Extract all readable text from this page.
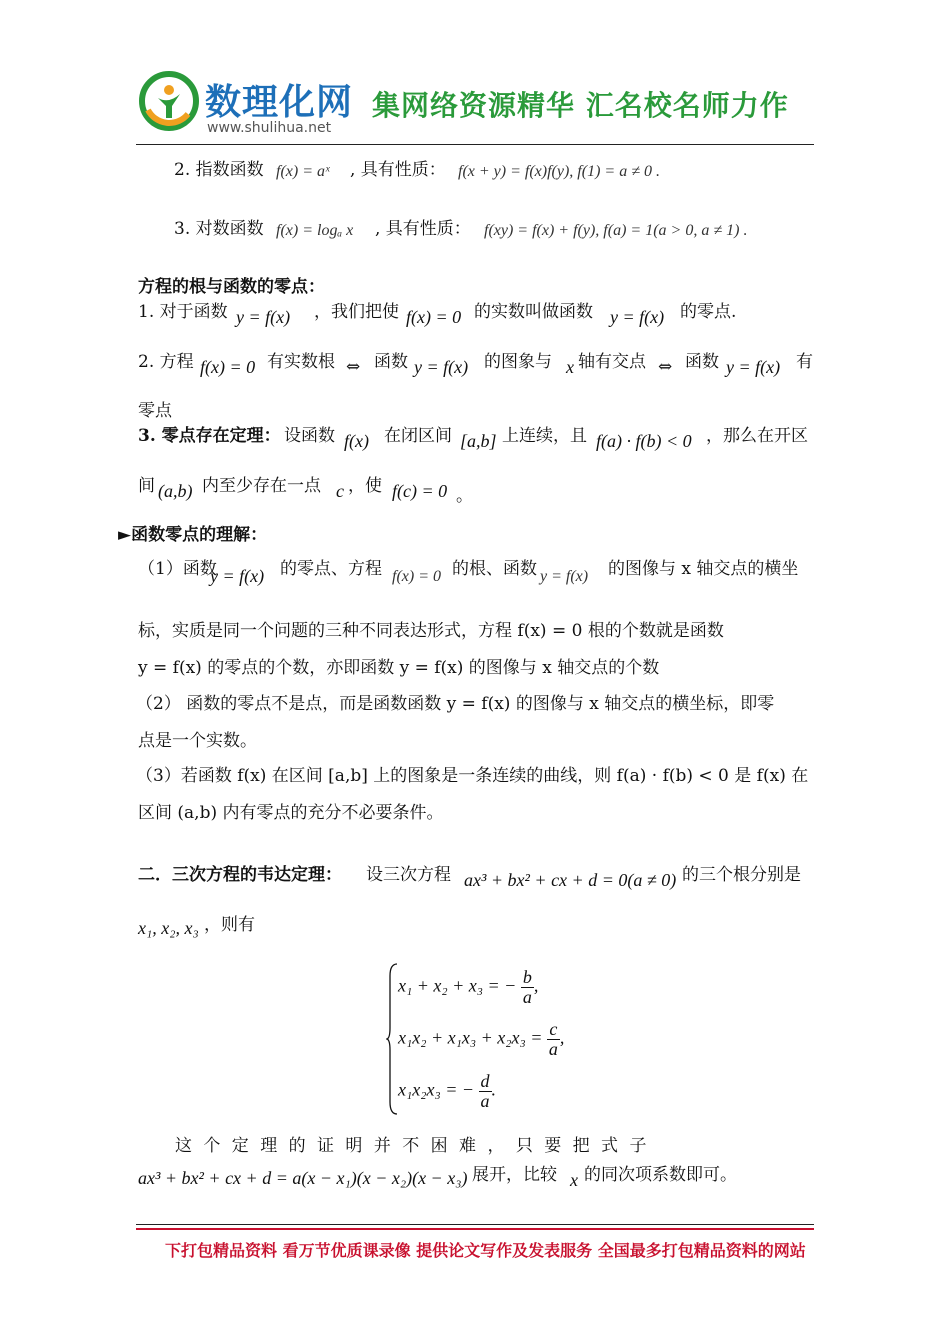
数理化网
www.shulihua.net
集网络资源精华 汇名校名师力作
2. 指数函数 f(x) = aˣ , 具有性质： f(x + y) = f(x)f(y), f(1) = a ≠ 0 .
3. 对数函数 f(x) = logₐ x , 具有性质： f(xy) = f(x) + f(y), f(a) = 1(a > 0, a ≠ 1) .
方程的根与函数的零点：
1. 对于函数 y = f(x) ，我们把使 f(x) = 0 的实数叫做函数 y = f(x) 的零点.
2. 方程 f(x) = 0 有实数根 ⇔ 函数 y = f(x) 的图象与 x 轴有交点 ⇔ 函数 y = f(x) 有
零点
3. 零点存在定理： 设函数 f(x) 在闭区间 [a,b] 上连续，且 f(a) · f(b) < 0 ，那么在开区
间 (a,b) 内至少存在一点 c ，使 f(c) = 0 。
►函数零点的理解：
（1）函数
y = f(x) 的零点、方程 f(x) = 0 的根、函数 y = f(x) 的图像与 x 轴交点的横坐
标，实质是同一个问题的三种不同表达形式，方程 f(x) = 0 根的个数就是函数
y = f(x) 的零点的个数，亦即函数 y = f(x) 的图像与 x 轴交点的个数
（2） 函数的零点不是点，而是函数函数 y = f(x) 的图像与 x 轴交点的横坐标，即零
点是一个实数。
（3）若函数 f(x) 在区间 [a,b] 上的图象是一条连续的曲线，则 f(a) · f(b) < 0 是 f(x) 在
区间 (a,b) 内有零点的充分不必要条件。
二．三次方程的韦达定理： 设三次方程 ax³ + bx² + cx + d = 0(a ≠ 0) 的三个根分别是
x₁, x₂, x₃ ，则有
x₁ + x₂ + x₃ = − $\frac{b}{a}$ ,
$x_1x_2 + x_1x_3 + x_2x_3 = \frac{c}{a}$ ,
x₁x₂x₃ = − $\frac{d}{a}$ .
这 个 定 理 的 证 明 并 不 困 难 ， 只 要 把 式 子
ax³ + bx² + cx + d = a(x − x₁)(x − x₂)(x − x₃) 展开，比较 x 的同次项系数即可。
下打包精品资料 看万节优质课录像 提供论文写作及发表服务 全国最多打包精品资料的网站
